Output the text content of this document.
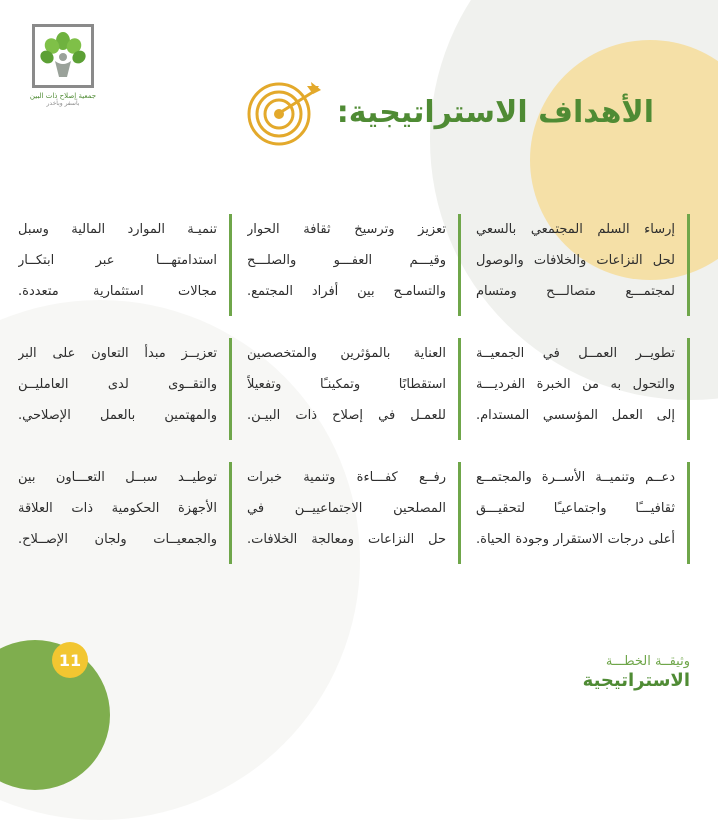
جمعية إصلاح ذات البين
بأسفر وبأخدر	الأهداف الاستراتيجية:
إرساء السلم المجتمعي بالسعي
لحل النزاعات والخلافات والوصول
لمجتمـــع متصالـــح ومتسام
تعزيز وترسيخ ثقافة الحوار
وقيـــم العفـــو والصلـــح
والتسامـح بين أفراد المجتمع.
تنميـة الموارد المالية وسبل
استدامتهـــا عبر ابتكــار
مجالات استثمارية متعددة.
تطويــر العمــل في الجمعيــة
والتحول به من الخبرة الفرديـــة
إلى العمل المؤسسي المستدام.
العناية بالمؤثرين والمتخصصين
استقطابًا وتمكينـًا وتفعيلاً
للعمـل في إصلاح ذات البيـن.
تعزيــز مبدأ التعاون على البر
والتقــوى لدى العامليــن
والمهتمين بالعمل الإصلاحي.
دعــم وتنميــة الأســرة والمجتمــع
ثقافيـــًا واجتماعيـًا لتحقيـــق
أعلى درجات الاستقرار وجودة الحياة.
رفــع كفـــاءة وتنمية خبرات
المصلحين الاجتماعييــن في
حل النزاعات ومعالجة الخلافات.
توطيــد سبــل التعـــاون بين
الأجهزة الحكومية ذات العلاقة
والجمعيــات ولجان الإصــلاح.
11	وثيقــة الخطـــة
الاستراتيجية
